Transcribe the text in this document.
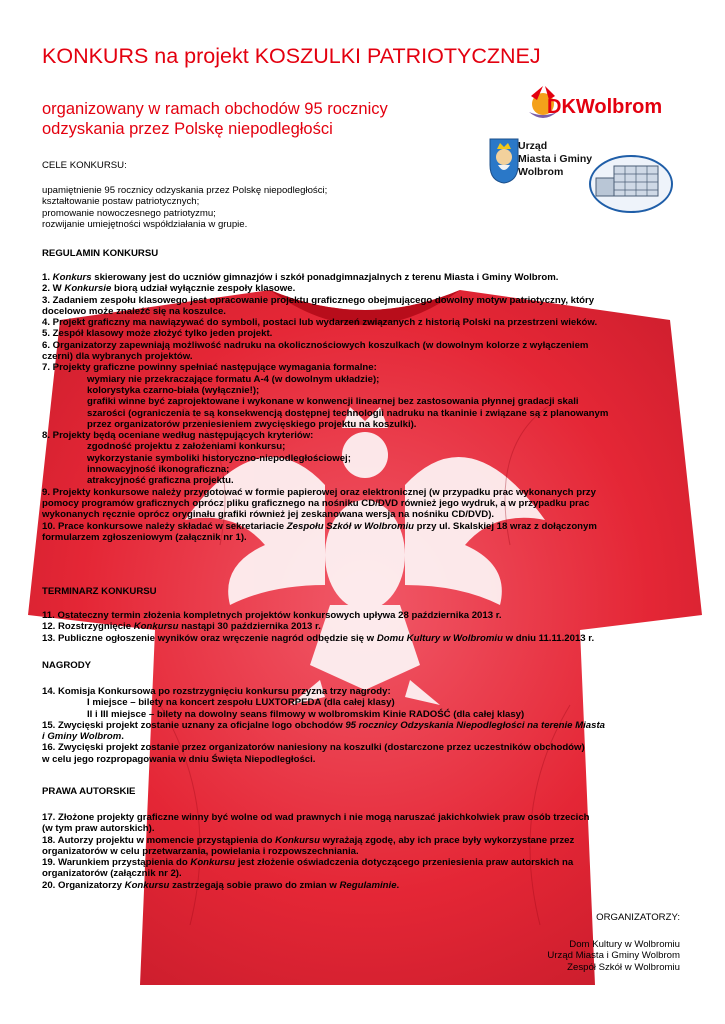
KONKURS na projekt KOSZULKI PATRIOTYCZNEJ
organizowany w ramach obchodów 95 rocznicy
odzyskania przez Polskę niepodległości
DKWolbrom
Urząd
Miasta i Gminy
Wolbrom
CELE KONKURSU:
upamiętnienie 95 rocznicy odzyskania przez Polskę niepodległości;
kształtowanie postaw patriotycznych;
promowanie nowoczesnego patriotyzmu;
rozwijanie umiejętności współdziałania w grupie.
REGULAMIN KONKURSU
1. Konkurs skierowany jest do uczniów gimnazjów i szkół ponadgimnazjalnych z terenu Miasta i Gminy Wolbrom.
2. W Konkursie biorą udział wyłącznie zespoły klasowe.
3. Zadaniem zespołu klasowego jest opracowanie projektu graficznego obejmującego dowolny motyw patriotyczny, który
docelowo może znaleźć się na koszulce.
4. Projekt graficzny ma nawiązywać do symboli, postaci lub wydarzeń związanych z historią Polski na przestrzeni wieków.
5. Zespół klasowy może złożyć tylko jeden projekt.
6. Organizatorzy zapewniają możliwość nadruku na okolicznościowych koszulkach (w dowolnym kolorze z wyłączeniem
czerni) dla wybranych projektów.
7. Projekty graficzne powinny spełniać następujące wymagania formalne:
wymiary nie przekraczające formatu A-4 (w dowolnym układzie);
kolorystyka czarno-biała (wyłącznie!);
grafiki winne być zaprojektowane i wykonane w konwencji linearnej bez zastosowania płynnej gradacji skali
szarości (ograniczenia te są konsekwencją dostępnej technologii nadruku na tkaninie i związane są z planowanym
przez organizatorów przeniesieniem zwycięskiego projektu na koszulki).
8. Projekty będą oceniane według następujących kryteriów:
zgodność projektu z założeniami konkursu;
wykorzystanie symboliki historyczno-niepodległościowej;
innowacyjność ikonograficzna;
atrakcyjność graficzna projektu.
9. Projekty konkursowe należy przygotować w formie papierowej oraz elektronicznej (w przypadku prac wykonanych przy
pomocy programów graficznych oprócz pliku graficznego na nośniku CD/DVD również jego wydruk, a w przypadku prac
wykonanych ręcznie oprócz oryginału grafiki również jej zeskanowana wersja na nośniku CD/DVD).
10. Prace konkursowe należy składać w sekretariacie Zespołu Szkół w Wolbromiu przy ul. Skalskiej 18 wraz z dołączonym
formularzem zgłoszeniowym (załącznik nr 1).
TERMINARZ KONKURSU
11. Ostateczny termin złożenia kompletnych projektów konkursowych upływa 28 października 2013 r.
12. Rozstrzygnięcie Konkursu nastąpi 30 października 2013 r.
13. Publiczne ogłoszenie wyników oraz wręczenie nagród odbędzie się w Domu Kultury w Wolbromiu w dniu 11.11.2013 r.
NAGRODY
14. Komisja Konkursowa po rozstrzygnięciu konkursu przyzna trzy nagrody:
I miejsce – bilety na koncert zespołu LUXTORPEDA (dla całej klasy)
II i III miejsce – bilety na dowolny seans filmowy w wolbromskim Kinie RADOŚĆ (dla całej klasy)
15. Zwycięski projekt zostanie uznany za oficjalne logo obchodów 95 rocznicy Odzyskania Niepodległości na terenie Miasta
i Gminy Wolbrom.
16. Zwycięski projekt zostanie przez organizatorów naniesiony na koszulki (dostarczone przez uczestników obchodów)
w celu jego rozpropagowania w dniu Święta Niepodległości.
PRAWA AUTORSKIE
17. Złożone projekty graficzne winny być wolne od wad prawnych i nie mogą naruszać jakichkolwiek praw osób trzecich
(w tym praw autorskich).
18. Autorzy projektu w momencie przystąpienia do Konkursu wyrażają zgodę, aby ich prace były wykorzystane przez
organizatorów w celu przetwarzania, powielania i rozpowszechniania.
19. Warunkiem przystąpienia do Konkursu jest złożenie oświadczenia dotyczącego przeniesienia praw autorskich na
organizatorów (załącznik nr 2).
20. Organizatorzy Konkursu zastrzegają sobie prawo do zmian w Regulaminie.
ORGANIZATORZY:
Dom Kultury w Wolbromiu
Urząd Miasta i Gminy Wolbrom
Zespół Szkół w Wolbromiu
